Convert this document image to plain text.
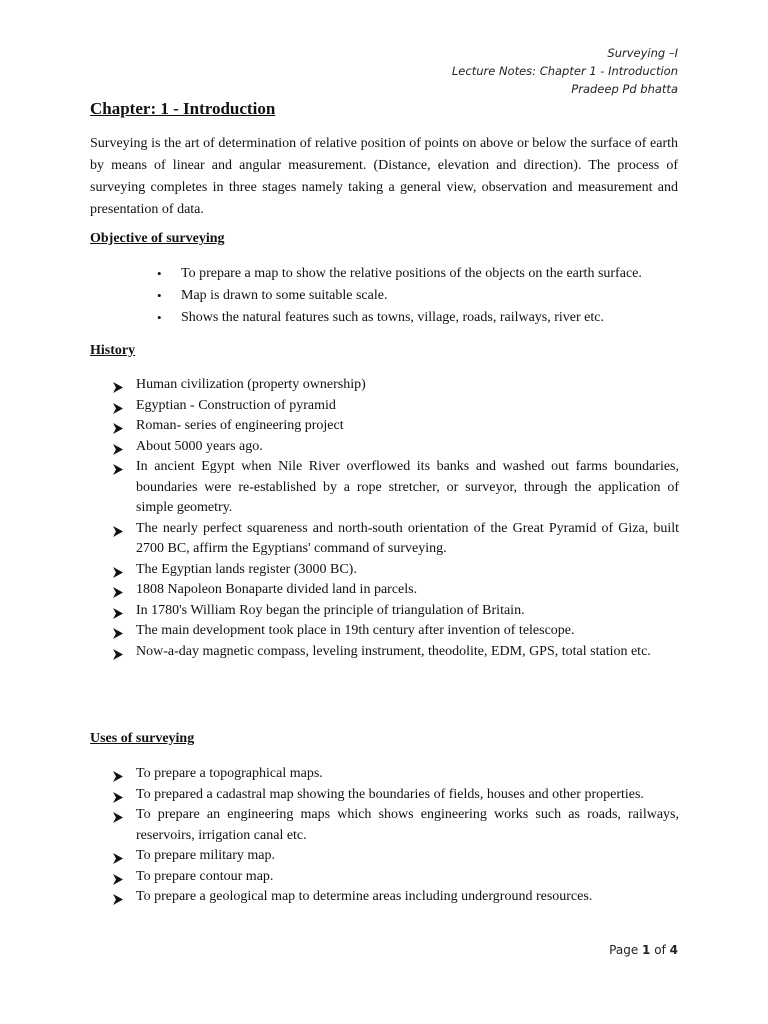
Surveying –I
Lecture Notes: Chapter 1 - Introduction
Pradeep Pd bhatta
Chapter: 1 - Introduction

Surveying is the art of determination of relative position of points on above or below the surface of earth by means of linear and angular measurement. (Distance, elevation and direction). The process of surveying completes in three stages namely taking a general view, observation and measurement and presentation of data.

Objective of surveying
• To prepare a map to show the relative positions of the objects on the earth surface.
• Map is drawn to some suitable scale.
• Shows the natural features such as towns, village, roads, railways, river etc.
History
Human civilization (property ownership)
Egyptian - Construction of pyramid
Roman- series of engineering project
About 5000 years ago.
In ancient Egypt when Nile River overflowed its banks and washed out farms boundaries, boundaries were re-established by a rope stretcher, or surveyor, through the application of simple geometry.
The nearly perfect squareness and north-south orientation of the Great Pyramid of Giza, built 2700 BC, affirm the Egyptians' command of surveying.
The Egyptian lands register (3000 BC).
1808 Napoleon Bonaparte divided land in parcels.
In 1780's William Roy began the principle of triangulation of Britain.
The main development took place in 19th century after invention of telescope.
Now-a-day magnetic compass, leveling instrument, theodolite, EDM, GPS, total station etc.
Uses of surveying
To prepare a topographical maps.
To prepared a cadastral map showing the boundaries of fields, houses and other properties.
To prepare an engineering maps which shows engineering works such as roads, railways, reservoirs, irrigation canal etc.
To prepare military map.
To prepare contour map.
To prepare a geological map to determine areas including underground resources.
Page 1 of 4
